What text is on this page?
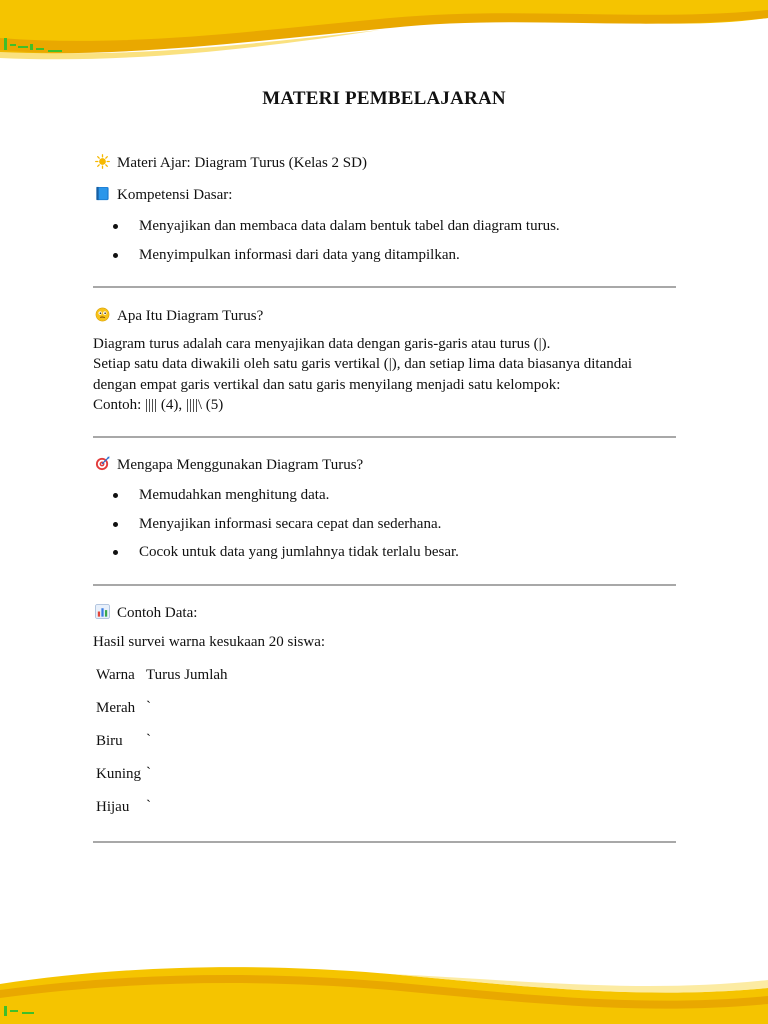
MATERI PEMBELAJARAN
Materi Ajar: Diagram Turus (Kelas 2 SD)
Kompetensi Dasar:
Menyajikan dan membaca data dalam bentuk tabel dan diagram turus.
Menyimpulkan informasi dari data yang ditampilkan.
Apa Itu Diagram Turus?
Diagram turus adalah cara menyajikan data dengan garis-garis atau turus (|).
Setiap satu data diwakili oleh satu garis vertikal (|), dan setiap lima data biasanya ditandai
dengan empat garis vertikal dan satu garis menyilang menjadi satu kelompok:
Contoh: |||| (4), ||||\ (5)
Mengapa Menggunakan Diagram Turus?
Memudahkan menghitung data.
Menyajikan informasi secara cepat dan sederhana.
Cocok untuk data yang jumlahnya tidak terlalu besar.
Contoh Data:
Hasil survei warna kesukaan 20 siswa:
Warna Turus Jumlah
Merah `
Biru `
Kuning `
Hijau `
